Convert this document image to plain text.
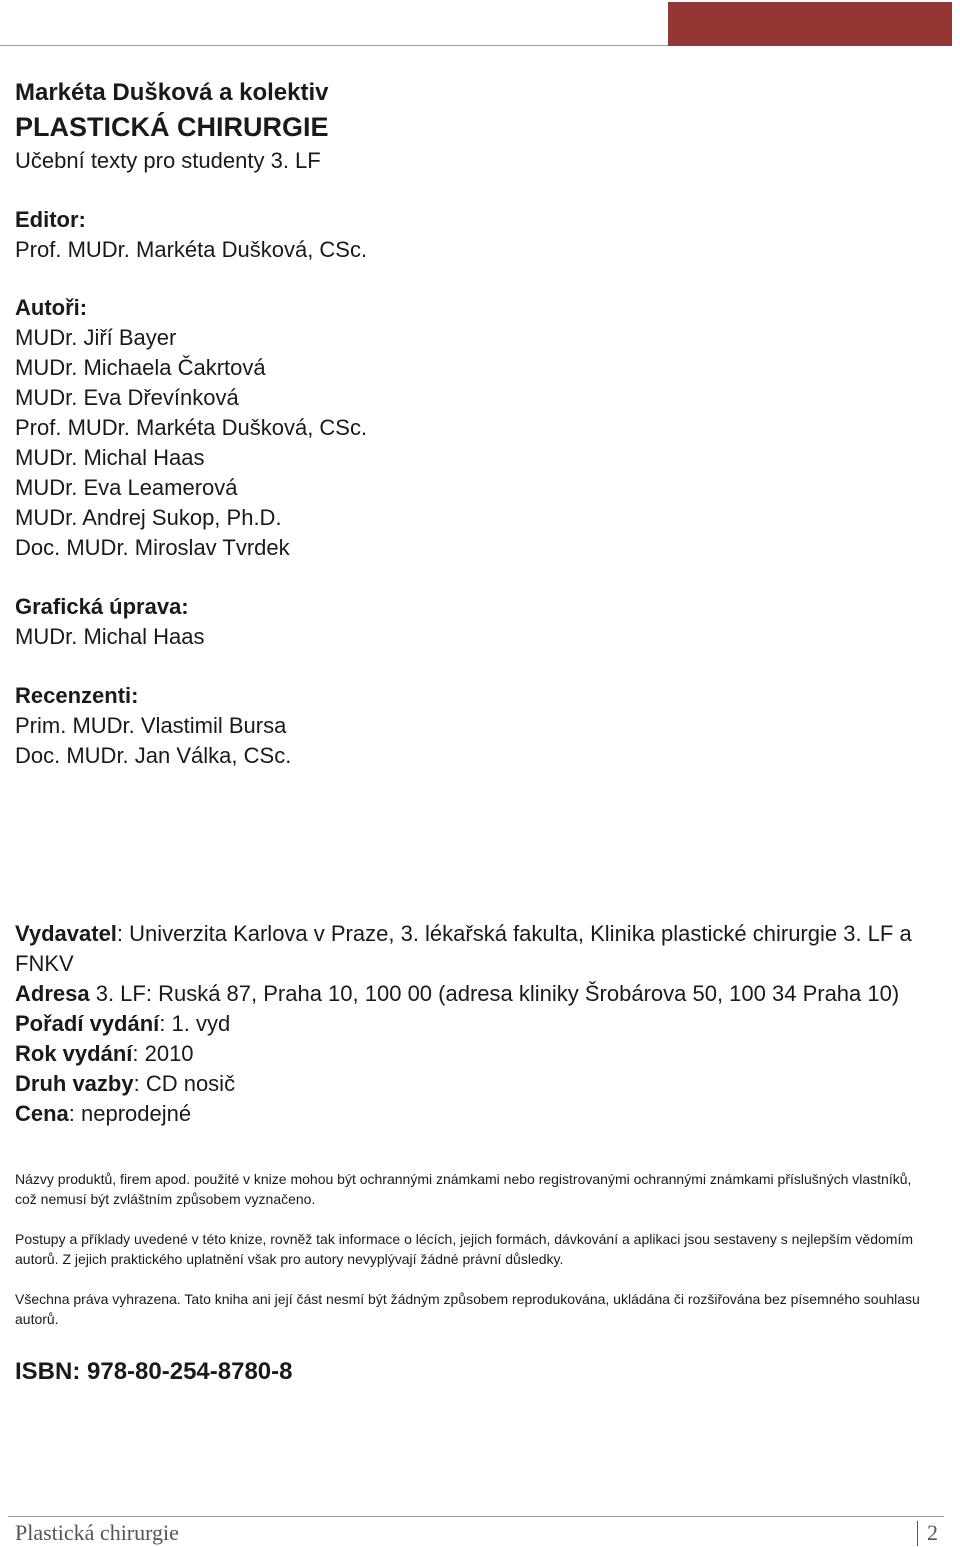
Markéta Dušková a kolektiv
PLASTICKÁ CHIRURGIE
Učební texty pro studenty 3. LF
Editor:
Prof. MUDr. Markéta Dušková, CSc.
Autoři:
MUDr. Jiří Bayer
MUDr. Michaela Čakrtová
MUDr. Eva Dřevínková
Prof. MUDr. Markéta Dušková, CSc.
MUDr. Michal Haas
MUDr. Eva Leamerová
MUDr. Andrej Sukop, Ph.D.
Doc. MUDr. Miroslav Tvrdek
Grafická úprava:
MUDr. Michal Haas
Recenzenti:
Prim. MUDr. Vlastimil Bursa
Doc. MUDr. Jan Válka, CSc.
Vydavatel: Univerzita Karlova v Praze, 3. lékařská fakulta, Klinika plastické chirurgie 3. LF a FNKV
Adresa 3. LF: Ruská 87, Praha 10, 100 00 (adresa kliniky Šrobárova 50, 100 34 Praha 10)
Pořadí vydání: 1. vyd
Rok vydání: 2010
Druh vazby: CD nosič
Cena: neprodejné

Názvy produktů, firem apod. použité v knize mohou být ochrannými známkami nebo registrovanými ochrannými známkami příslušných vlastníků, což nemusí být zvláštním způsobem vyznačeno.

Postupy a příklady uvedené v této knize, rovněž tak informace o lécích, jejich formách, dávkování a aplikaci jsou sestaveny s nejlepším vědomím autorů. Z jejich praktického uplatnění však pro autory nevyplývají žádné právní důsledky.

Všechna práva vyhrazena. Tato kniha ani její část nesmí být žádným způsobem reprodukována, ukládána či rozšiřována bez písemného souhlasu autorů.

ISBN: 978-80-254-8780-8
Plastická chirurgie	2
